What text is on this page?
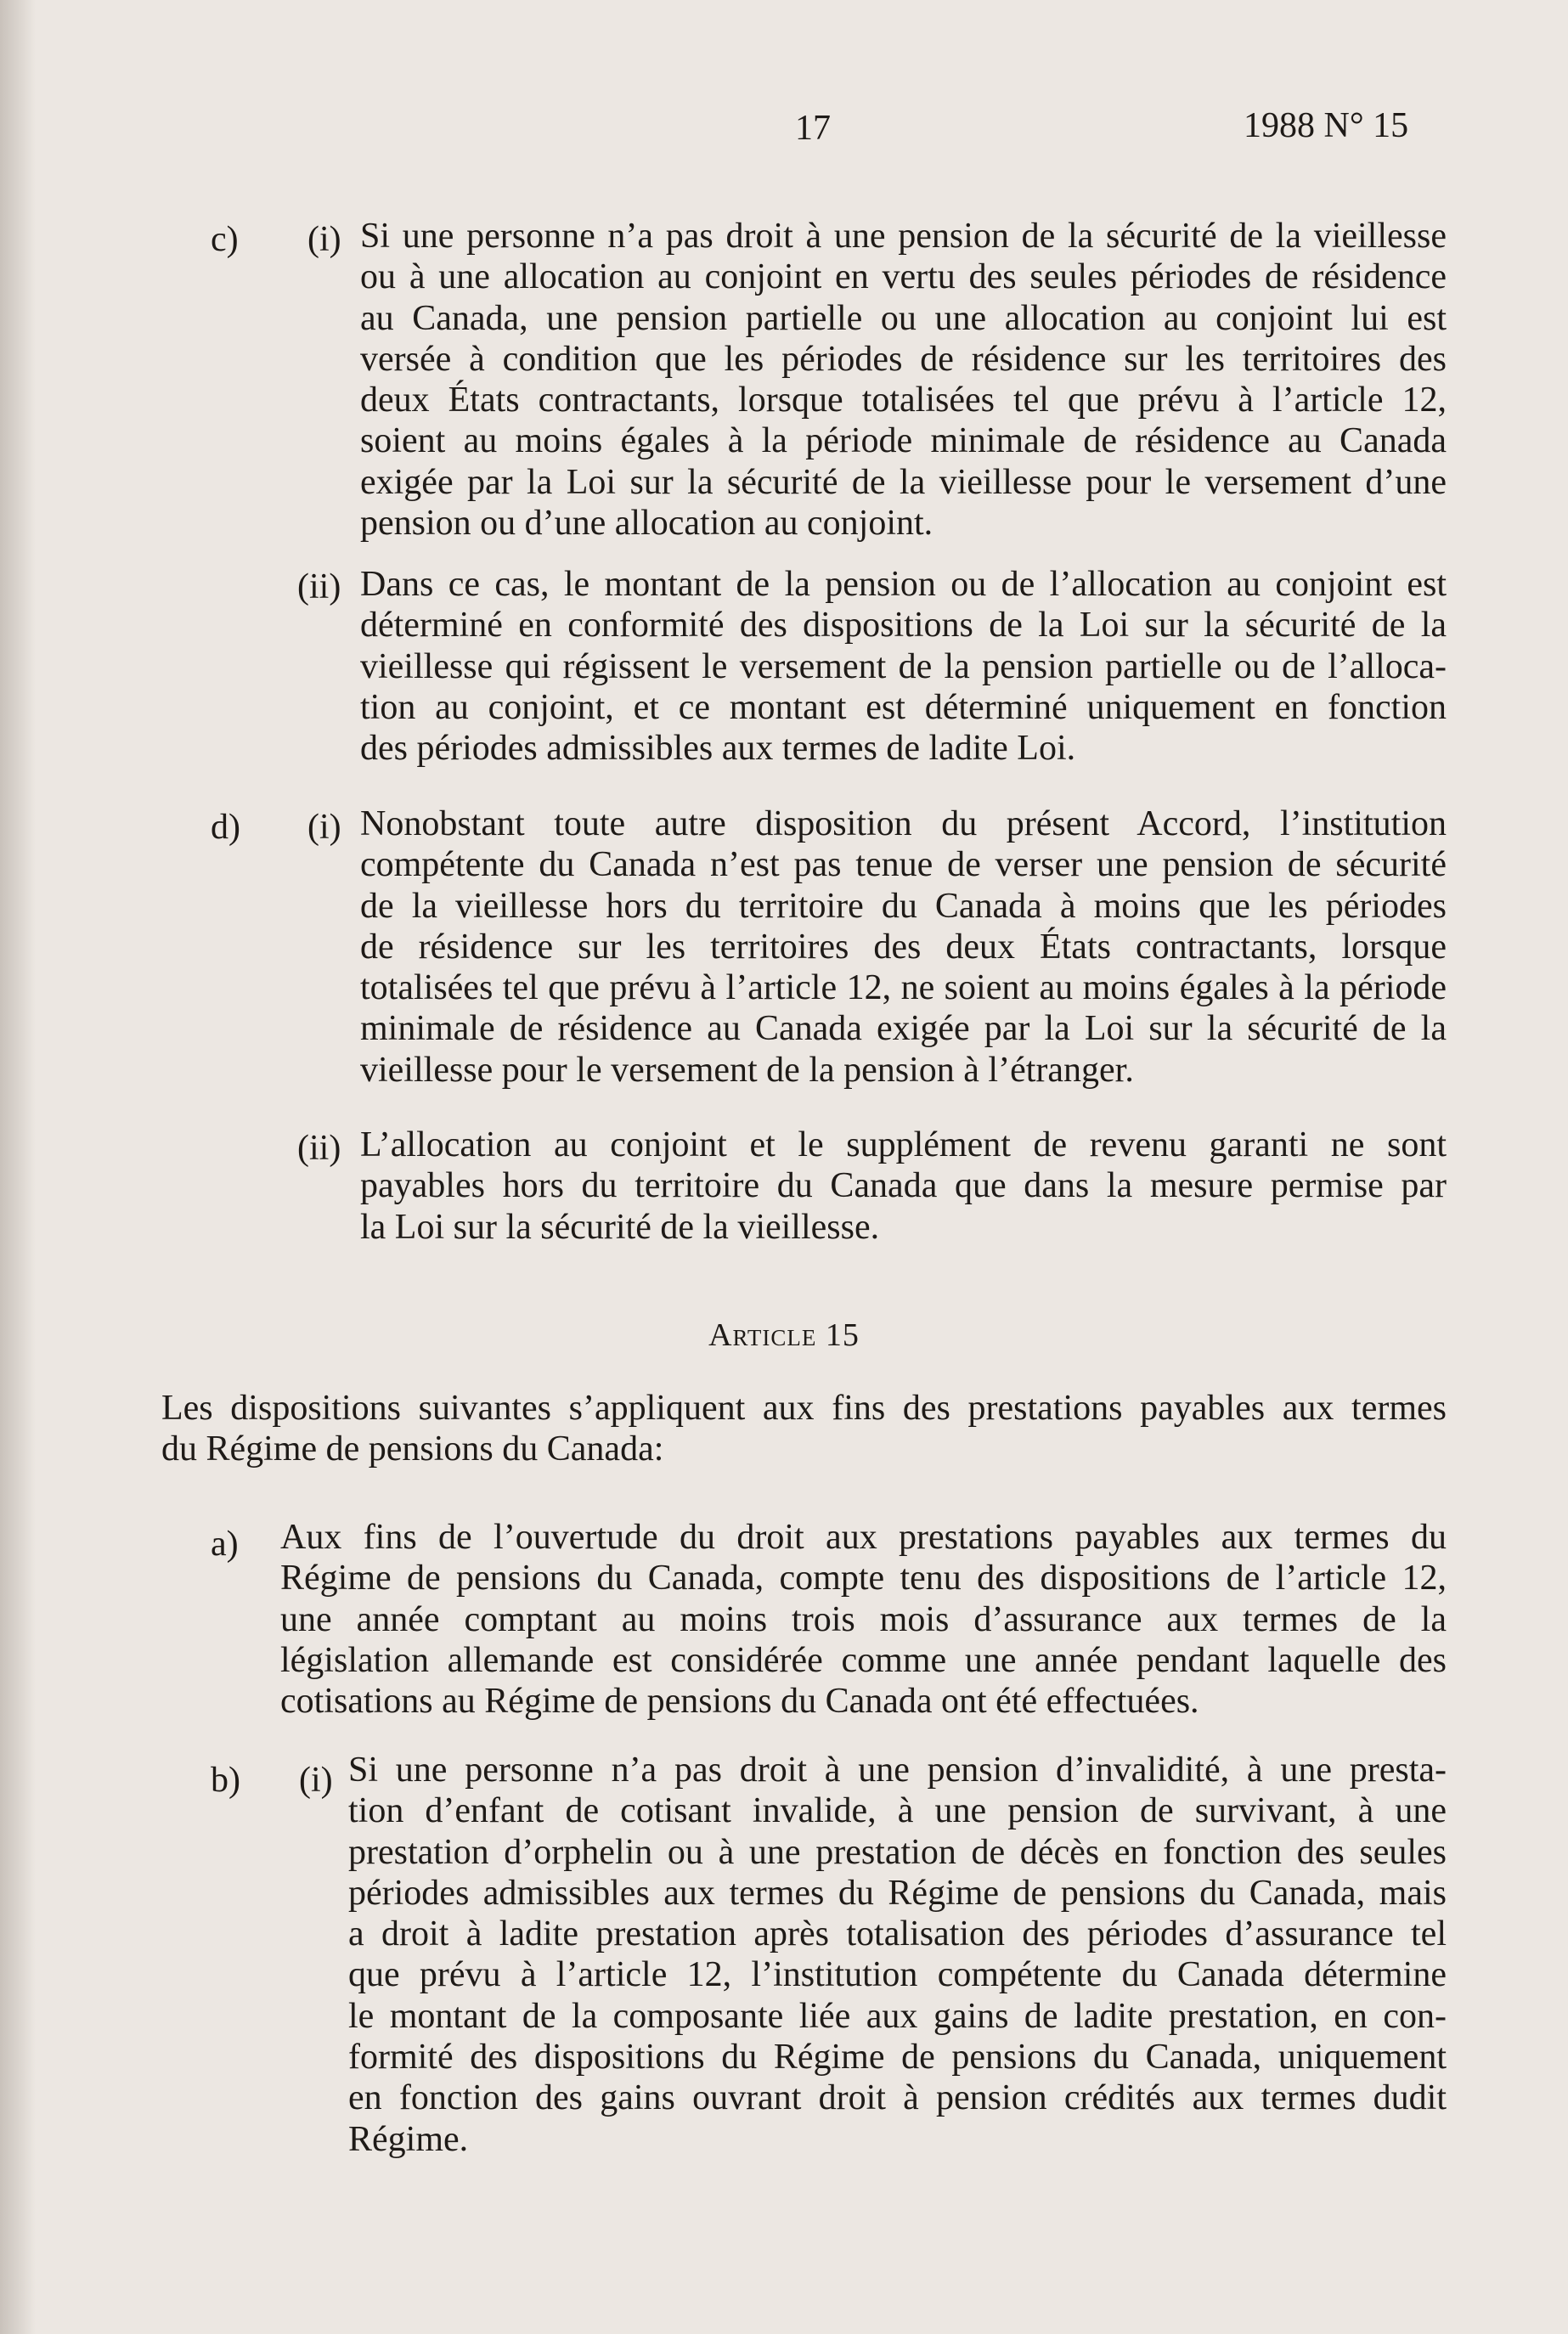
17	1988 N° 15
c) (i) Si une personne n’a pas droit à une pension de la sécurité de la vieillesse
ou à une allocation au conjoint en vertu des seules périodes de résidence
au Canada, une pension partielle ou une allocation au conjoint lui est
versée à condition que les périodes de résidence sur les territoires des
deux États contractants, lorsque totalisées tel que prévu à l’article 12,
soient au moins égales à la période minimale de résidence au Canada
exigée par la Loi sur la sécurité de la vieillesse pour le versement d’une
pension ou d’une allocation au conjoint.
(ii) Dans ce cas, le montant de la pension ou de l’allocation au conjoint est
déterminé en conformité des dispositions de la Loi sur la sécurité de la
vieillesse qui régissent le versement de la pension partielle ou de l’alloca-
tion au conjoint, et ce montant est déterminé uniquement en fonction
des périodes admissibles aux termes de ladite Loi.
d) (i) Nonobstant toute autre disposition du présent Accord, l’institution
compétente du Canada n’est pas tenue de verser une pension de sécurité
de la vieillesse hors du territoire du Canada à moins que les périodes
de résidence sur les territoires des deux États contractants, lorsque
totalisées tel que prévu à l’article 12, ne soient au moins égales à la période
minimale de résidence au Canada exigée par la Loi sur la sécurité de la
vieillesse pour le versement de la pension à l’étranger.
(ii) L’allocation au conjoint et le supplément de revenu garanti ne sont
payables hors du territoire du Canada que dans la mesure permise par
la Loi sur la sécurité de la vieillesse.
Article 15
Les dispositions suivantes s’appliquent aux fins des prestations payables aux termes
du Régime de pensions du Canada:
a) Aux fins de l’ouvertude du droit aux prestations payables aux termes du
Régime de pensions du Canada, compte tenu des dispositions de l’article 12,
une année comptant au moins trois mois d’assurance aux termes de la
législation allemande est considérée comme une année pendant laquelle des
cotisations au Régime de pensions du Canada ont été effectuées.
b) (i) Si une personne n’a pas droit à une pension d’invalidité, à une presta-
tion d’enfant de cotisant invalide, à une pension de survivant, à une
prestation d’orphelin ou à une prestation de décès en fonction des seules
périodes admissibles aux termes du Régime de pensions du Canada, mais
a droit à ladite prestation après totalisation des périodes d’assurance tel
que prévu à l’article 12, l’institution compétente du Canada détermine
le montant de la composante liée aux gains de ladite prestation, en con-
formité des dispositions du Régime de pensions du Canada, uniquement
en fonction des gains ouvrant droit à pension crédités aux termes dudit
Régime.
